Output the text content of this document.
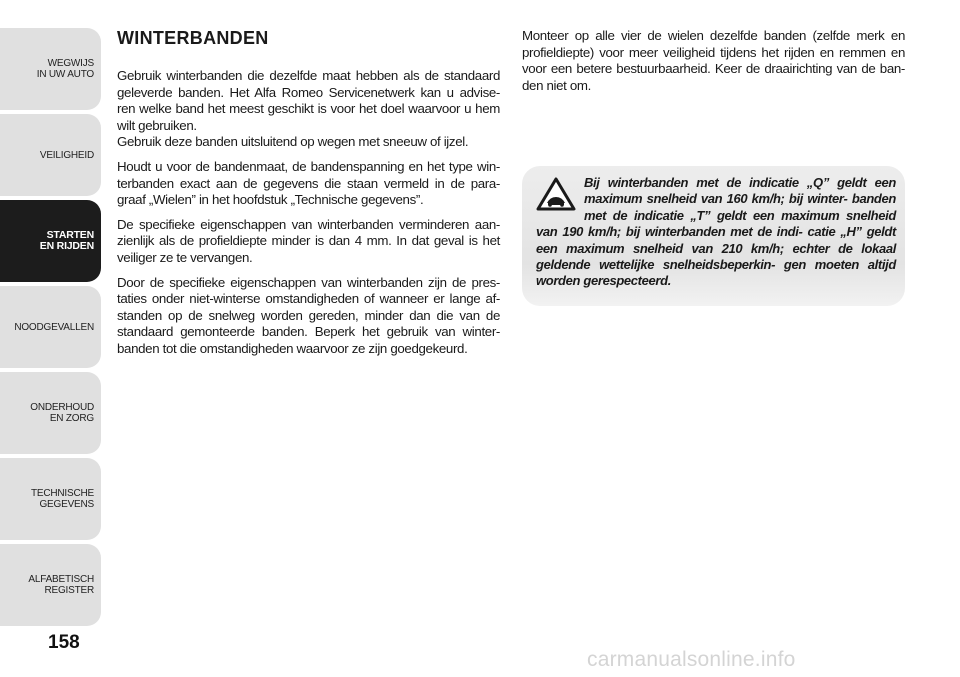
WEGWIJS
IN UW AUTO
VEILIGHEID
STARTEN
EN RIJDEN
NOODGEVALLEN
ONDERHOUD
EN ZORG
TECHNISCHE
GEGEVENS
ALFABETISCH
REGISTER
158
WINTERBANDEN

Gebruik winterbanden die dezelfde maat hebben als de standaard geleverde banden. Het Alfa Romeo Servicenetwerk kan u advise- ren welke band het meest geschikt is voor het doel waarvoor u hem wilt gebruiken.

Gebruik deze banden uitsluitend op wegen met sneeuw of ijzel.

Houdt u voor de bandenmaat, de bandenspanning en het type win- terbanden exact aan de gegevens die staan vermeld in de para- graaf „Wielen” in het hoofdstuk „Technische gegevens”.

De specifieke eigenschappen van winterbanden verminderen aan- zienlijk als de profieldiepte minder is dan 4 mm. In dat geval is het veiliger ze te vervangen.

Door de specifieke eigenschappen van winterbanden zijn de pres- taties onder niet-winterse omstandigheden of wanneer er lange af- standen op de snelweg worden gereden, minder dan die van de standaard gemonteerde banden. Beperk het gebruik van winter- banden tot die omstandigheden waarvoor ze zijn goedgekeurd.

Monteer op alle vier de wielen dezelfde banden (zelfde merk en profieldiepte) voor meer veiligheid tijdens het rijden en remmen en voor een betere bestuurbaarheid. Keer de draairichting van de ban- den niet om.

Bij winterbanden met de indicatie „Q” geldt een maximum snelheid van 160 km/h; bij winter- banden met de indicatie „T” geldt een maximum snelheid van 190 km/h; bij winterbanden met de indi- catie „H” geldt een maximum snelheid van 210 km/h; echter de lokaal geldende wettelijke snelheidsbeperkin- gen moeten altijd worden gerespecteerd.
carmanualsonline.info
